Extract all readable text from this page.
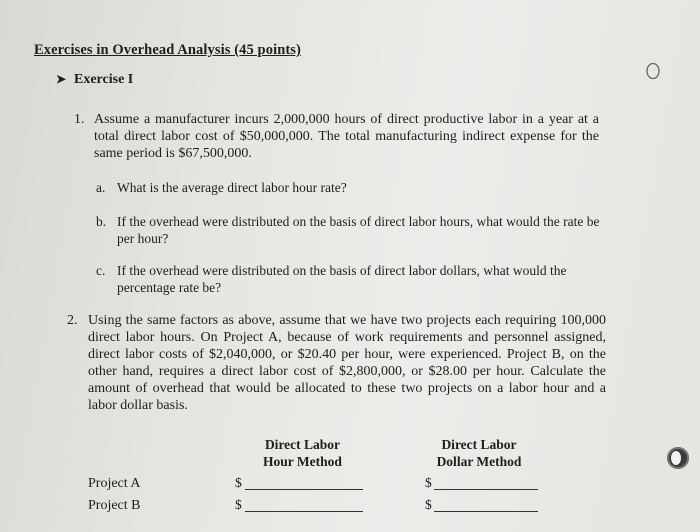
Exercises in Overhead Analysis (45 points)
➤ Exercise I
1. Assume a manufacturer incurs 2,000,000 hours of direct productive labor in a year at a total direct labor cost of $50,000,000. The total manufacturing indirect expense for the same period is $67,500,000.
a. What is the average direct labor hour rate?
b. If the overhead were distributed on the basis of direct labor hours, what would the rate be per hour?
c. If the overhead were distributed on the basis of direct labor dollars, what would the percentage rate be?
2. Using the same factors as above, assume that we have two projects each requiring 100,000 direct labor hours. On Project A, because of work requirements and personnel assigned, direct labor costs of $2,040,000, or $20.40 per hour, were experienced. Project B, on the other hand, requires a direct labor cost of $2,800,000, or $28.00 per hour. Calculate the amount of overhead that would be allocated to these two projects on a labor hour and a labor dollar basis.
Direct Labor
Hour Method
Direct Labor
Dollar Method
Project A	$	$
Project B	$	$
